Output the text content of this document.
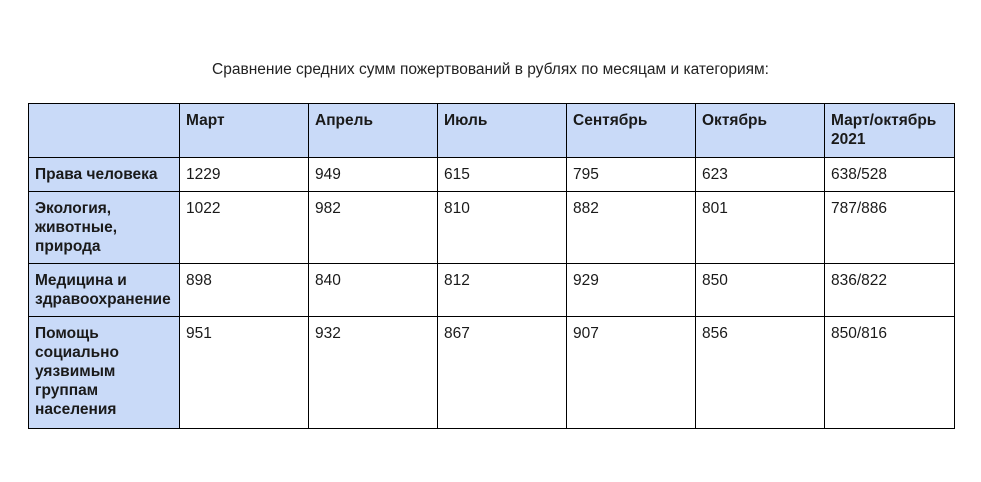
Сравнение средних сумм пожертвований в рублях по месяцам и категориям:
	Март	Апрель	Июль	Сентябрь	Октябрь	Март/октябрь 2021
Права человека	1229	949	615	795	623	638/528
Экология, животные, природа	1022	982	810	882	801	787/886
Медицина и здравоохранение	898	840	812	929	850	836/822
Помощь социально уязвимым группам населения	951	932	867	907	856	850/816
